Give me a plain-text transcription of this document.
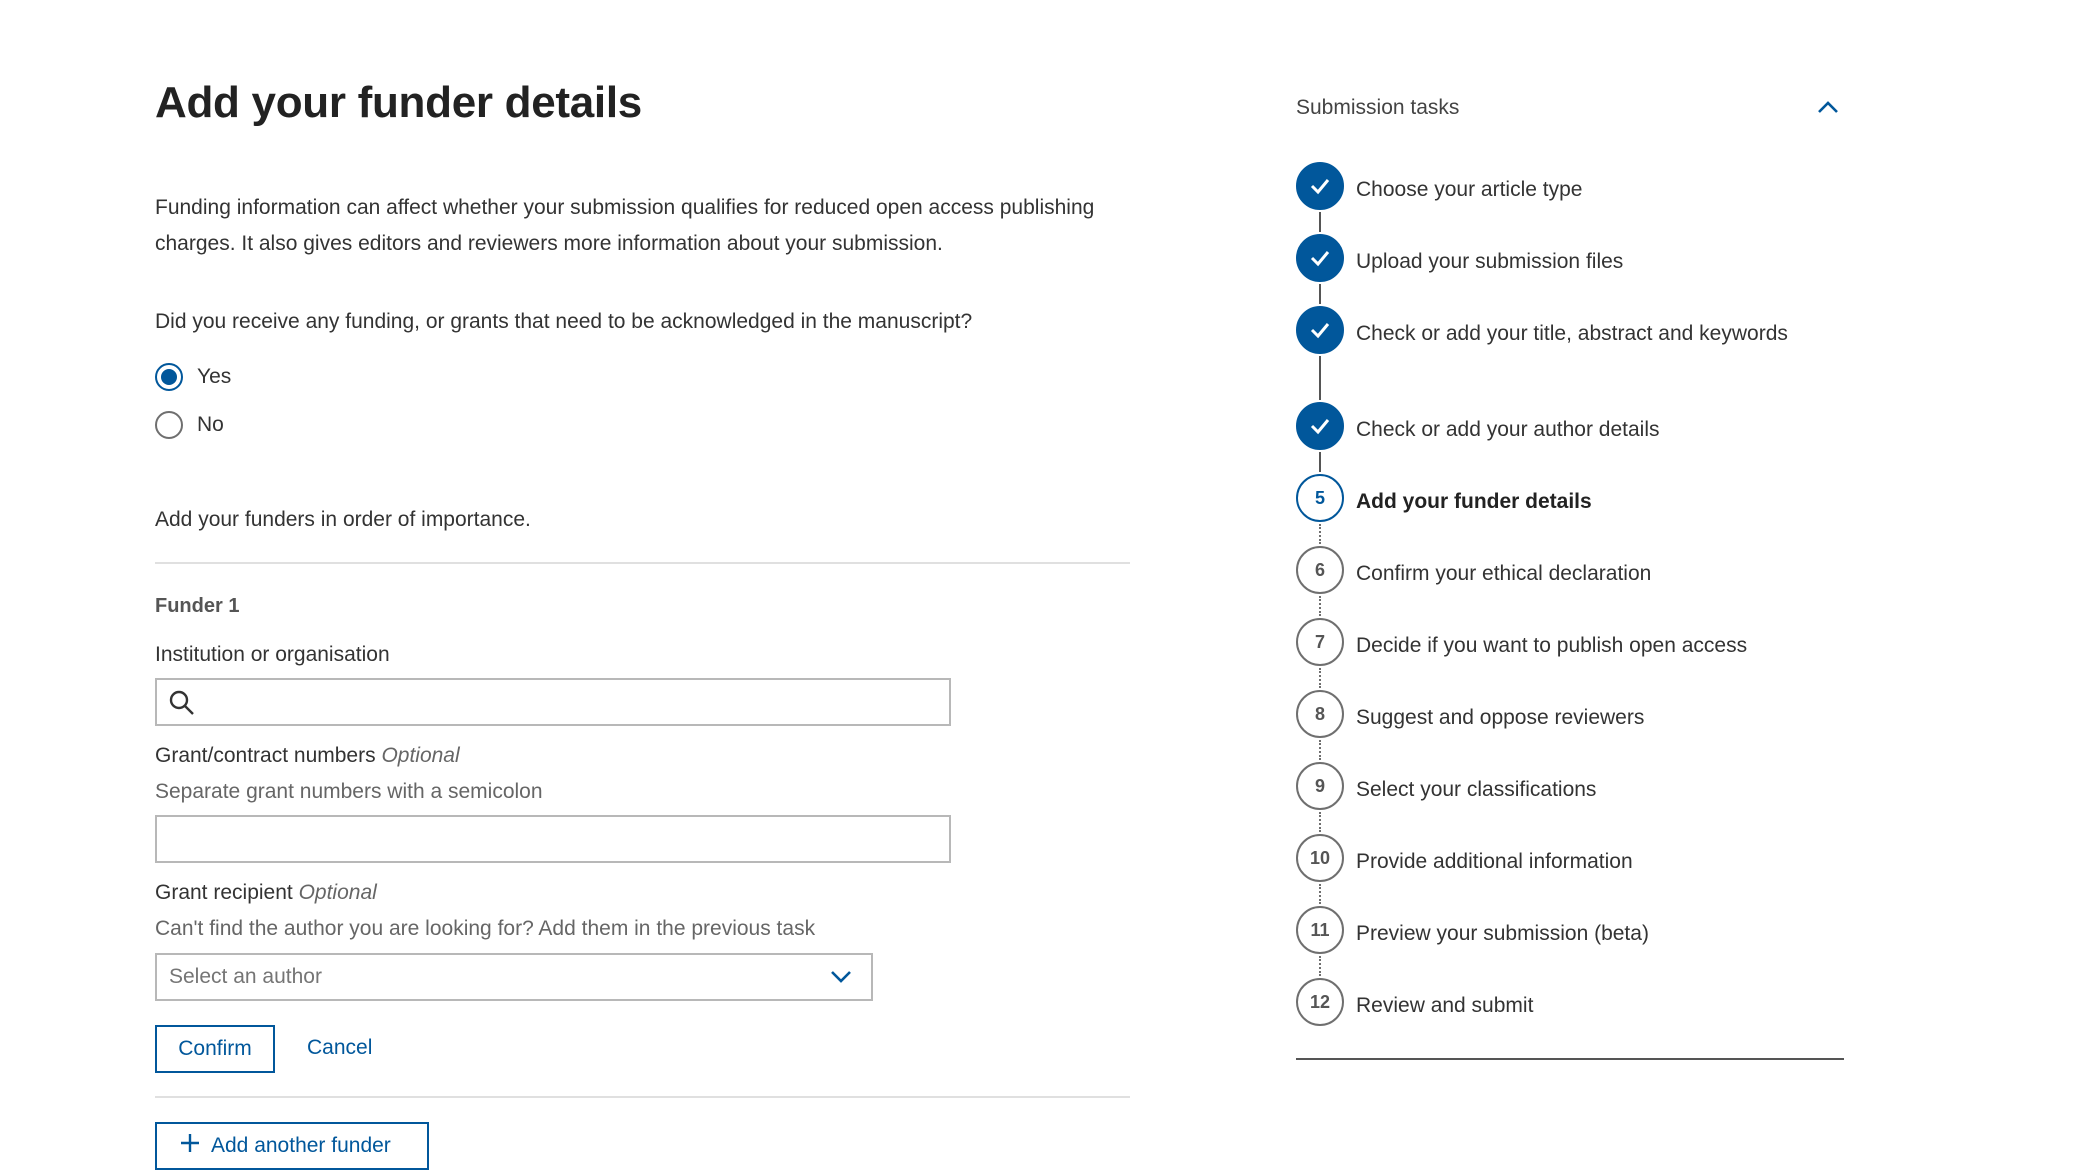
Add your funder details

Funding information can affect whether your submission qualifies for reduced open access publishing charges. It also gives editors and reviewers more information about your submission.

Did you receive any funding, or grants that need to be acknowledged in the manuscript?

Yes
No

Add your funders in order of importance.

Funder 1

Institution or organisation

Grant/contract numbers Optional

Separate grant numbers with a semicolon

Grant recipient Optional

Can't find the author you are looking for? Add them in the previous task

Select an author
Confirm	Cancel
Add another funder
Submission tasks
Choose your article type
Upload your submission files
Check or add your title, abstract and keywords
Check or add your author details
5	Add your funder details
6	Confirm your ethical declaration
7	Decide if you want to publish open access
8	Suggest and oppose reviewers
9	Select your classifications
10	Provide additional information
11	Preview your submission (beta)
12	Review and submit
